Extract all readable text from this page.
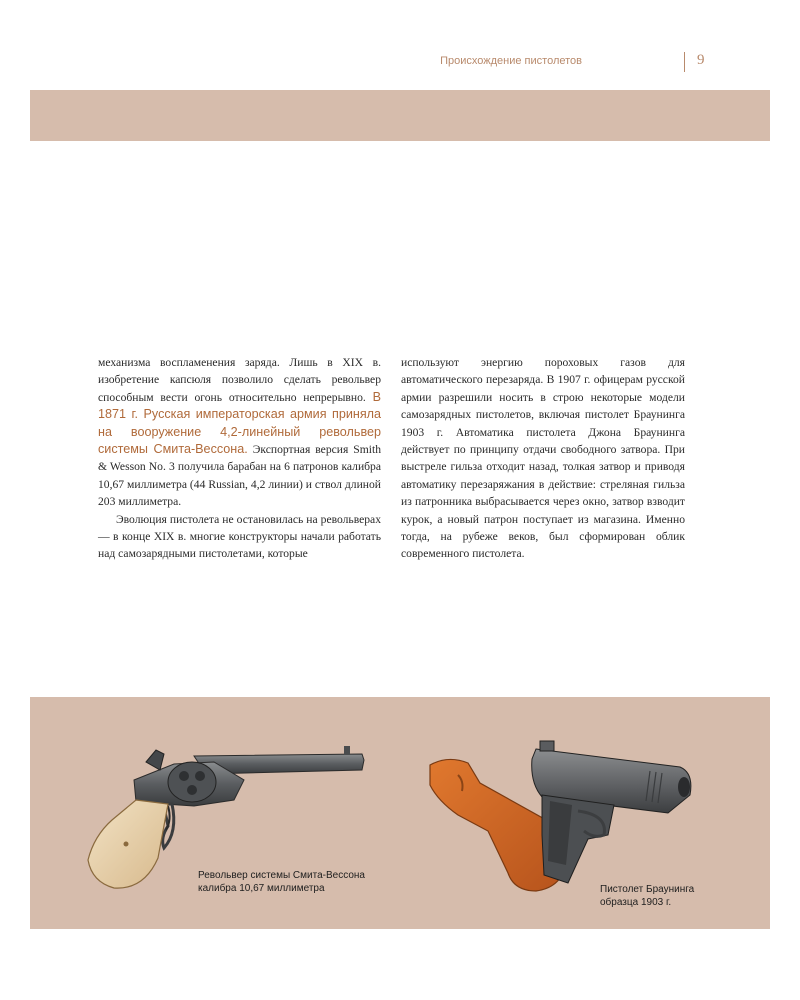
Происхождение пистолетов	9

механизма воспламенения заряда. Лишь в XIX в. изобретение капсюля позволило сделать револьвер способным вести огонь относительно непрерывно. В 1871 г. Русская императорская армия приняла на вооружение 4,2-линейный револьвер системы Смита-Вессона. Экспортная версия Smith & Wesson No. 3 получила барабан на 6 патронов калибра 10,67 миллиметра (44 Russian, 4,2 линии) и ствол длиной 203 миллиметра.

Эволюция пистолета не остановилась на револьверах — в конце XIX в. многие конструкторы начали работать над самозарядными пистолетами, которые

используют энергию пороховых газов для автоматического перезаряда. В 1907 г. офицерам русской армии разрешили носить в строю некоторые модели самозарядных пистолетов, включая пистолет Браунинга 1903 г. Автоматика пистолета Джона Браунинга действует по принципу отдачи свободного затвора. При выстреле гильза отходит назад, толкая затвор и приводя автоматику перезаряжания в действие: стреляная гильза из патронника выбрасывается через окно, затвор взводит курок, а новый патрон поступает из магазина. Именно тогда, на рубеже веков, был сформирован облик современного пистолета.

Револьвер системы Смита-Вессона калибра 10,67 миллиметра	Пистолет Браунинга образца 1903 г.
